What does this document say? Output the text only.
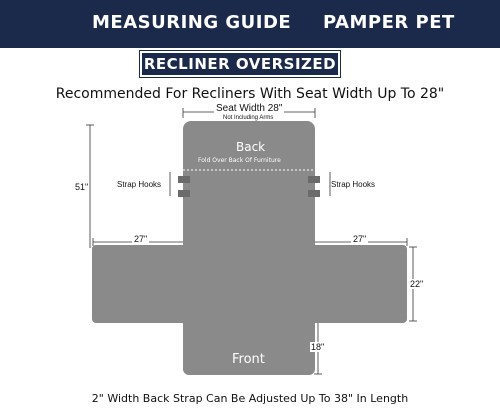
MEASURING GUIDE PAMPER PET
RECLINER OVERSIZED
Recommended For Recliners With Seat Width Up To 28"
Seat Width 28"
Not Including Arms
Back
Fold Over Back Of Furniture
Front
51"
27"	27"
22"
18"
Strap Hooks	Strap Hooks
2" Width Back Strap Can Be Adjusted Up To 38" In Length
